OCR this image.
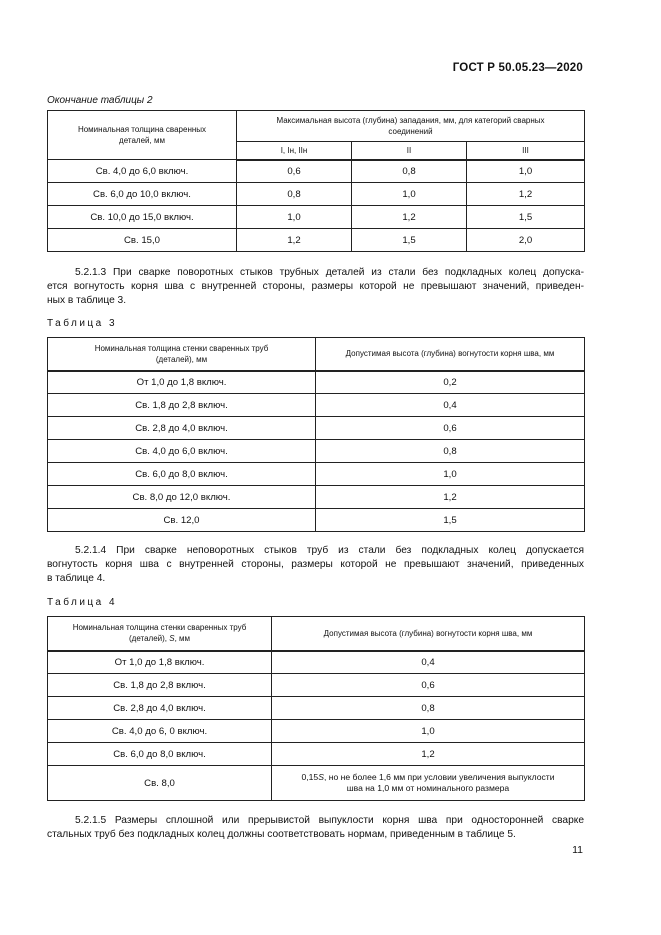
ГОСТ Р 50.05.23—2020
Окончание таблицы 2
Номинальная толщина сваренных деталей, мм	Максимальная высота (глубина) западания, мм, для категорий сварных соединений		
	I, Iн, IIн	II	III
Св. 4,0 до 6,0 включ.	0,6	0,8	1,0
Св. 6,0 до 10,0 включ.	0,8	1,0	1,2
Св. 10,0 до 15,0 включ.	1,0	1,2	1,5
Св. 15,0	1,2	1,5	2,0
5.2.1.3 При сварке поворотных стыков трубных деталей из стали без подкладных колец допуска-
ется вогнутость корня шва с внутренней стороны, размеры которой не превышают значений, приведен-
ных в таблице 3.
Таблица 3
Номинальная толщина стенки сваренных труб (деталей), мм	Допустимая высота (глубина) вогнутости корня шва, мм
От 1,0 до 1,8 включ.	0,2
Св. 1,8 до 2,8 включ.	0,4
Св. 2,8 до 4,0 включ.	0,6
Св. 4,0 до 6,0 включ.	0,8
Св. 6,0 до 8,0 включ.	1,0
Св. 8,0 до 12,0 включ.	1,2
Св. 12,0	1,5
5.2.1.4 При сварке неповоротных стыков труб из стали без подкладных колец допускается
вогнутость корня шва с внутренней стороны, размеры которой не превышают значений, приведенных
в таблице 4.
Таблица 4
Номинальная толщина стенки сваренных труб
(деталей), S, мм	Допустимая высота (глубина) вогнутости корня шва, мм
От 1,0 до 1,8 включ.	0,4
Св. 1,8 до 2,8 включ.	0,6
Св. 2,8 до 4,0 включ.	0,8
Св. 4,0 до 6, 0 включ.	1,0
Св. 6,0 до 8,0 включ.	1,2
Св. 8,0	0,15S, но не более 1,6 мм при условии увеличения выпуклости
шва на 1,0 мм от номинального размера
5.2.1.5 Размеры сплошной или прерывистой выпуклости корня шва при односторонней сварке
стальных труб без подкладных колец должны соответствовать нормам, приведенным в таблице 5.
11
